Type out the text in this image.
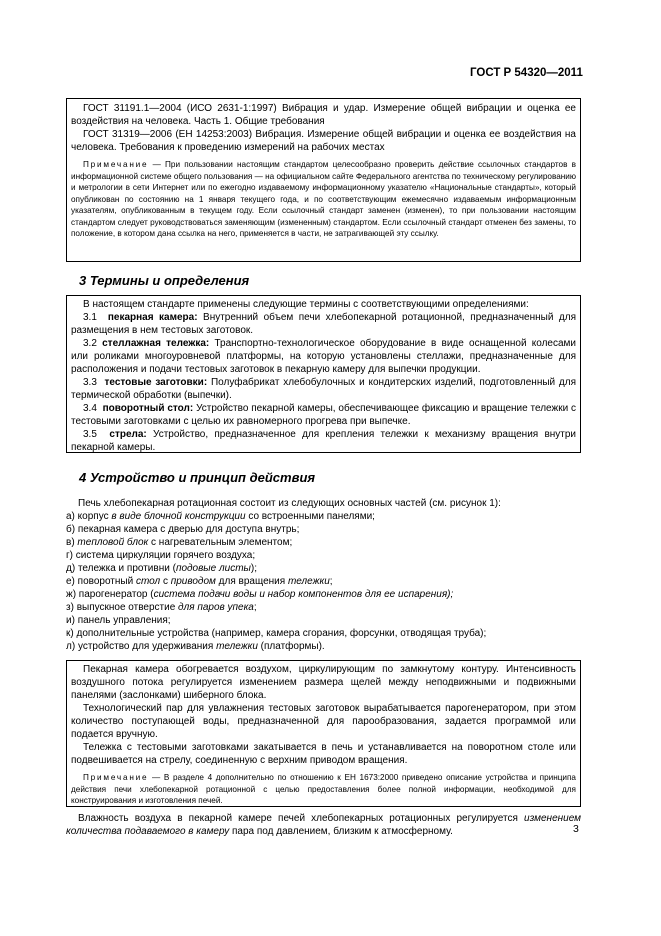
ГОСТ Р 54320—2011

ГОСТ 31191.1—2004 (ИСО 2631-1:1997) Вибрация и удар. Измерение общей вибрации и оценка ее воздействия на человека. Часть 1. Общие требования

ГОСТ 31319—2006 (ЕН 14253:2003) Вибрация. Измерение общей вибрации и оценка ее воздействия на человека. Требования к проведению измерений на рабочих местах

Примечание — При пользовании настоящим стандартом целесообразно проверить действие ссылочных стандартов в информационной системе общего пользования — на официальном сайте Федерального агентства по техническому регулированию и метрологии в сети Интернет или по ежегодно издаваемому информационному указателю «Национальные стандарты», который опубликован по состоянию на 1 января текущего года, и по соответствующим ежемесячно издаваемым информационным указателям, опубликованным в текущем году. Если ссылочный стандарт заменен (изменен), то при пользовании настоящим стандартом следует руководствоваться заменяющим (измененным) стандартом. Если ссылочный стандарт отменен без замены, то положение, в котором дана ссылка на него, применяется в части, не затрагивающей эту ссылку.

3 Термины и определения

В настоящем стандарте применены следующие термины с соответствующими определениями:

3.1 пекарная камера: Внутренний объем печи хлебопекарной ротационной, предназначенный для размещения в нем тестовых заготовок.

3.2 стеллажная тележка: Транспортно-технологическое оборудование в виде оснащенной колесами или роликами многоуровневой платформы, на которую установлены стеллажи, предназначенные для расположения и подачи тестовых заготовок в пекарную камеру для выпечки продукции.

3.3 тестовые заготовки: Полуфабрикат хлебобулочных и кондитерских изделий, подготовленный для термической обработки (выпечки).

3.4 поворотный стол: Устройство пекарной камеры, обеспечивающее фиксацию и вращение тележки с тестовыми заготовками с целью их равномерного прогрева при выпечке.

3.5 стрела: Устройство, предназначенное для крепления тележки к механизму вращения внутри пекарной камеры.

4 Устройство и принцип действия

Печь хлебопекарная ротационная состоит из следующих основных частей (см. рисунок 1):

а) корпус в виде блочной конструкции со встроенными панелями;

б) пекарная камера с дверью для доступа внутрь;

в) тепловой блок с нагревательным элементом;

г) система циркуляции горячего воздуха;

д) тележка и противни (подовые листы);

е) поворотный стол с приводом для вращения тележки;

ж) парогенератор (система подачи воды и набор компонентов для ее испарения);

з) выпускное отверстие для паров упека;

и) панель управления;

к) дополнительные устройства (например, камера сгорания, форсунки, отводящая труба);

л) устройство для удерживания тележки (платформы).

Пекарная камера обогревается воздухом, циркулирующим по замкнутому контуру. Интенсивность воздушного потока регулируется изменением размера щелей между неподвижными и подвижными панелями (заслонками) шиберного блока.

Технологический пар для увлажнения тестовых заготовок вырабатывается парогенератором, при этом количество поступающей воды, предназначенной для парообразования, задается программой или подается вручную.

Тележка с тестовыми заготовками закатывается в печь и устанавливается на поворотном столе или подвешивается на стрелу, соединенную с верхним приводом вращения.

Примечание — В разделе 4 дополнительно по отношению к ЕН 1673:2000 приведено описание устройства и принципа действия печи хлебопекарной ротационной с целью предоставления более полной информации, необходимой для конструирования и изготовления печей.

Влажность воздуха в пекарной камере печей хлебопекарных ротационных регулируется изменением количества подаваемого в камеру пара под давлением, близким к атмосферному.	3
